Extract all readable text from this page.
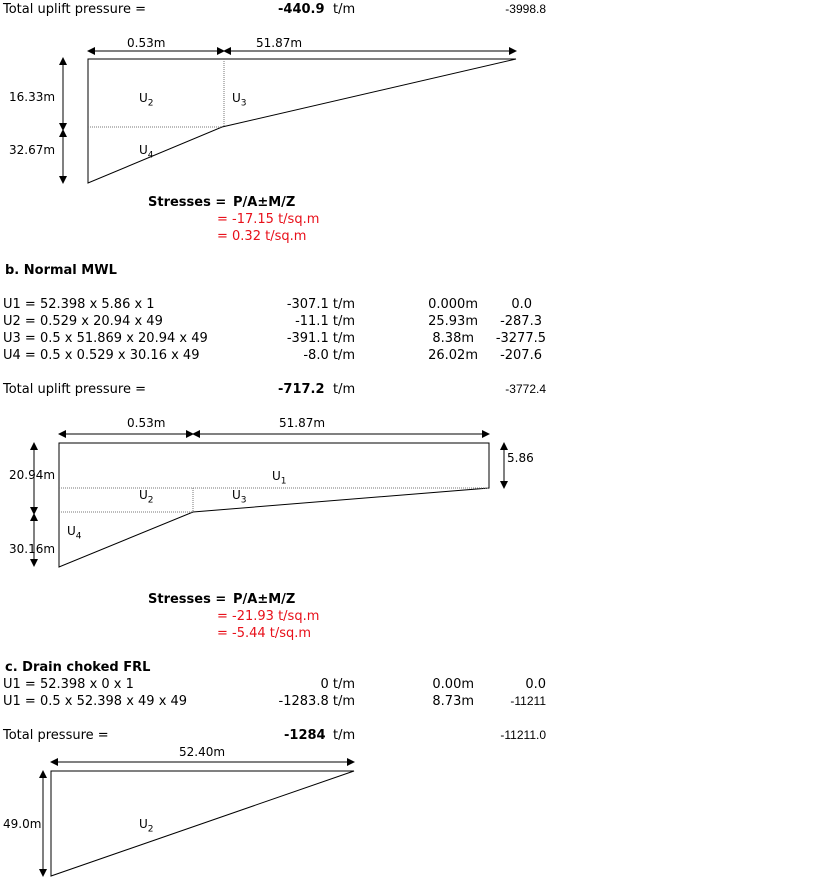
Total uplift pressure =	-440.9 t/m	-3998.8
0.53m	51.87m
16.33m
32.67m
$U_2$	$U_3$
$U_4$
Stresses = P/A±M/Z
= -17.15 t/sq.m
= 0.32 t/sq.m
b. Normal MWL
U1 = 52.398 x 5.86 x 1	-307.1 t/m	0.000m	0.0
U2 = 0.529 x 20.94 x 49	-11.1 t/m	25.93m	-287.3
U3 = 0.5 x 51.869 x 20.94 x 49	-391.1 t/m	8.38m	-3277.5
U4 = 0.5 x 0.529 x 30.16 x 49	-8.0 t/m	26.02m	-207.6
Total uplift pressure =	-717.2 t/m	-3772.4
0.53m	51.87m
20.94m
30.16m
5.86
$U_1$
$U_2$	$U_3$
$U_4$
Stresses = P/A±M/Z
= -21.93 t/sq.m
= -5.44 t/sq.m
c. Drain choked FRL
U1 = 52.398 x 0 x 1	0 t/m	0.00m	0.0
U1 = 0.5 x 52.398 x 49 x 49	-1283.8 t/m	8.73m	-11211
Total pressure =	-1284 t/m	-11211.0
52.40m
49.0m	$U_2$
